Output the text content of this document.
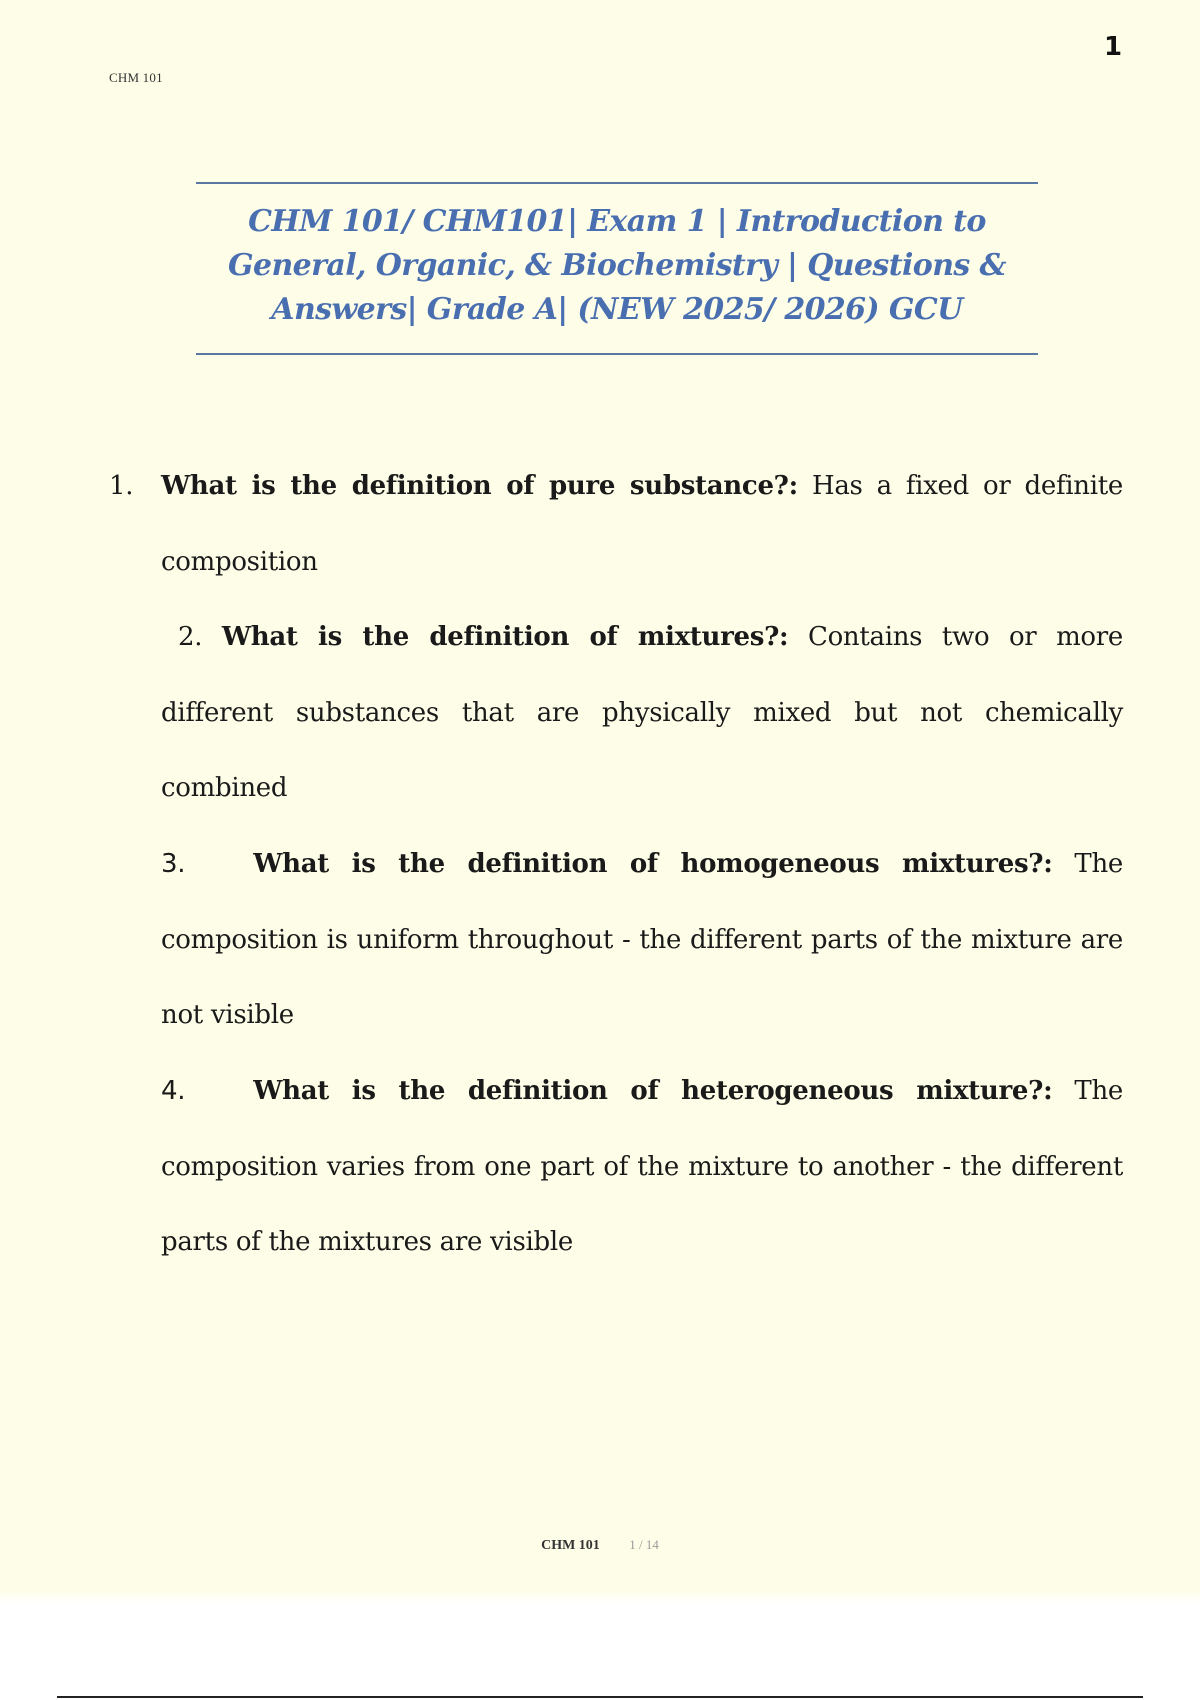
CHM 101
1
CHM 101/ CHM101| Exam 1 | Introduction to
General, Organic, & Biochemistry | Questions &
Answers| Grade A| (NEW 2025/ 2026) GCU
1. What is the definition of pure substance?: Has a fixed or definite composition
2. What is the definition of mixtures?: Contains two or more different substances that are physically mixed but not chemically combined
3.	What is the definition of homogeneous mixtures?: The composition is uniform throughout - the different parts of the mixture are not visible
4.	What is the definition of heterogeneous mixture?: The composition varies from one part of the mixture to another - the different parts of the mixtures are visible
CHM 101 1 / 14
